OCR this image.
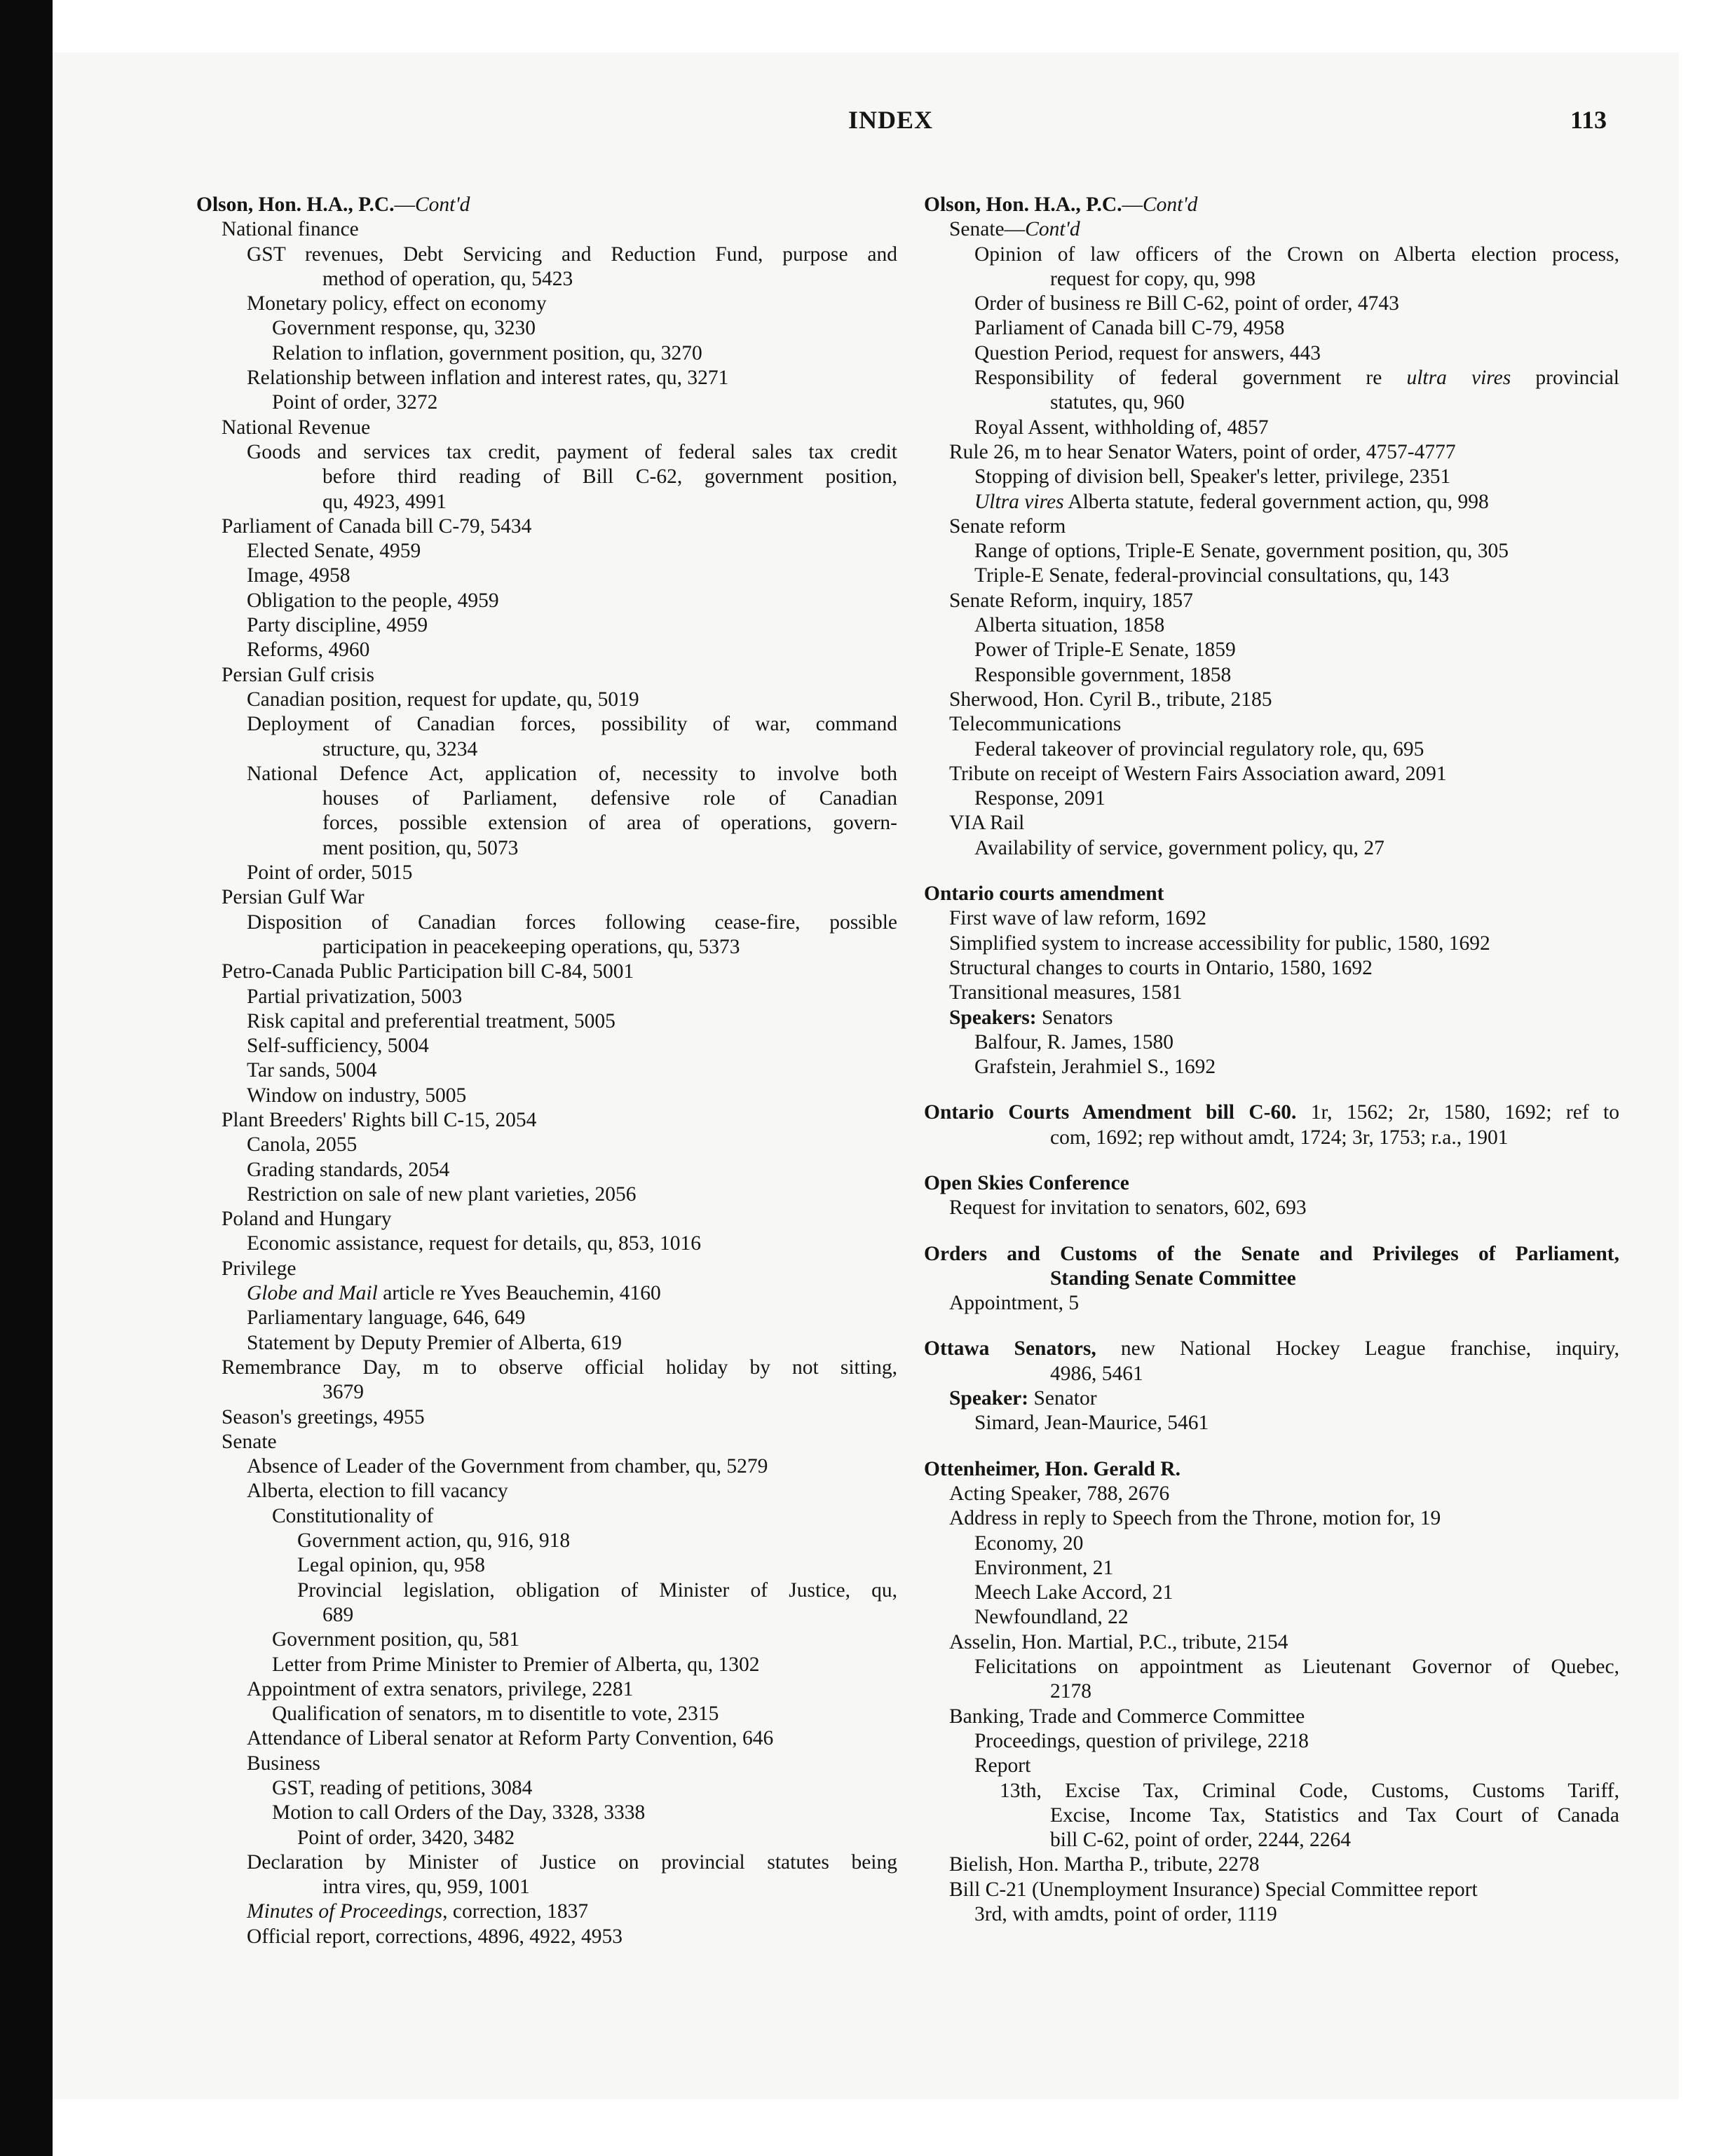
INDEX	113
Olson, Hon. H.A., P.C.—Cont'd
National finance
GST revenues, Debt Servicing and Reduction Fund, purpose and
method of operation, qu, 5423
Monetary policy, effect on economy
Government response, qu, 3230
Relation to inflation, government position, qu, 3270
Relationship between inflation and interest rates, qu, 3271
Point of order, 3272
National Revenue
Goods and services tax credit, payment of federal sales tax credit
before third reading of Bill C-62, government position,
qu, 4923, 4991
Parliament of Canada bill C-79, 5434
Elected Senate, 4959
Image, 4958
Obligation to the people, 4959
Party discipline, 4959
Reforms, 4960
Persian Gulf crisis
Canadian position, request for update, qu, 5019
Deployment of Canadian forces, possibility of war, command
structure, qu, 3234
National Defence Act, application of, necessity to involve both
houses of Parliament, defensive role of Canadian
forces, possible extension of area of operations, govern-
ment position, qu, 5073
Point of order, 5015
Persian Gulf War
Disposition of Canadian forces following cease-fire, possible
participation in peacekeeping operations, qu, 5373
Petro-Canada Public Participation bill C-84, 5001
Partial privatization, 5003
Risk capital and preferential treatment, 5005
Self-sufficiency, 5004
Tar sands, 5004
Window on industry, 5005
Plant Breeders' Rights bill C-15, 2054
Canola, 2055
Grading standards, 2054
Restriction on sale of new plant varieties, 2056
Poland and Hungary
Economic assistance, request for details, qu, 853, 1016
Privilege
Globe and Mail article re Yves Beauchemin, 4160
Parliamentary language, 646, 649
Statement by Deputy Premier of Alberta, 619
Remembrance Day, m to observe official holiday by not sitting,
3679
Season's greetings, 4955
Senate
Absence of Leader of the Government from chamber, qu, 5279
Alberta, election to fill vacancy
Constitutionality of
Government action, qu, 916, 918
Legal opinion, qu, 958
Provincial legislation, obligation of Minister of Justice, qu,
689
Government position, qu, 581
Letter from Prime Minister to Premier of Alberta, qu, 1302
Appointment of extra senators, privilege, 2281
Qualification of senators, m to disentitle to vote, 2315
Attendance of Liberal senator at Reform Party Convention, 646
Business
GST, reading of petitions, 3084
Motion to call Orders of the Day, 3328, 3338
Point of order, 3420, 3482
Declaration by Minister of Justice on provincial statutes being
intra vires, qu, 959, 1001
Minutes of Proceedings, correction, 1837
Official report, corrections, 4896, 4922, 4953
Olson, Hon. H.A., P.C.—Cont'd
Senate—Cont'd
Opinion of law officers of the Crown on Alberta election process,
request for copy, qu, 998
Order of business re Bill C-62, point of order, 4743
Parliament of Canada bill C-79, 4958
Question Period, request for answers, 443
Responsibility of federal government re ultra vires provincial
statutes, qu, 960
Royal Assent, withholding of, 4857
Rule 26, m to hear Senator Waters, point of order, 4757-4777
Stopping of division bell, Speaker's letter, privilege, 2351
Ultra vires Alberta statute, federal government action, qu, 998
Senate reform
Range of options, Triple-E Senate, government position, qu, 305
Triple-E Senate, federal-provincial consultations, qu, 143
Senate Reform, inquiry, 1857
Alberta situation, 1858
Power of Triple-E Senate, 1859
Responsible government, 1858
Sherwood, Hon. Cyril B., tribute, 2185
Telecommunications
Federal takeover of provincial regulatory role, qu, 695
Tribute on receipt of Western Fairs Association award, 2091
Response, 2091
VIA Rail
Availability of service, government policy, qu, 27
Ontario courts amendment
First wave of law reform, 1692
Simplified system to increase accessibility for public, 1580, 1692
Structural changes to courts in Ontario, 1580, 1692
Transitional measures, 1581
Speakers: Senators
Balfour, R. James, 1580
Grafstein, Jerahmiel S., 1692
Ontario Courts Amendment bill C-60. 1r, 1562; 2r, 1580, 1692; ref to
com, 1692; rep without amdt, 1724; 3r, 1753; r.a., 1901
Open Skies Conference
Request for invitation to senators, 602, 693
Orders and Customs of the Senate and Privileges of Parliament,
Standing Senate Committee
Appointment, 5
Ottawa Senators, new National Hockey League franchise, inquiry,
4986, 5461
Speaker: Senator
Simard, Jean-Maurice, 5461
Ottenheimer, Hon. Gerald R.
Acting Speaker, 788, 2676
Address in reply to Speech from the Throne, motion for, 19
Economy, 20
Environment, 21
Meech Lake Accord, 21
Newfoundland, 22
Asselin, Hon. Martial, P.C., tribute, 2154
Felicitations on appointment as Lieutenant Governor of Quebec,
2178
Banking, Trade and Commerce Committee
Proceedings, question of privilege, 2218
Report
13th, Excise Tax, Criminal Code, Customs, Customs Tariff,
Excise, Income Tax, Statistics and Tax Court of Canada
bill C-62, point of order, 2244, 2264
Bielish, Hon. Martha P., tribute, 2278
Bill C-21 (Unemployment Insurance) Special Committee report
3rd, with amdts, point of order, 1119
